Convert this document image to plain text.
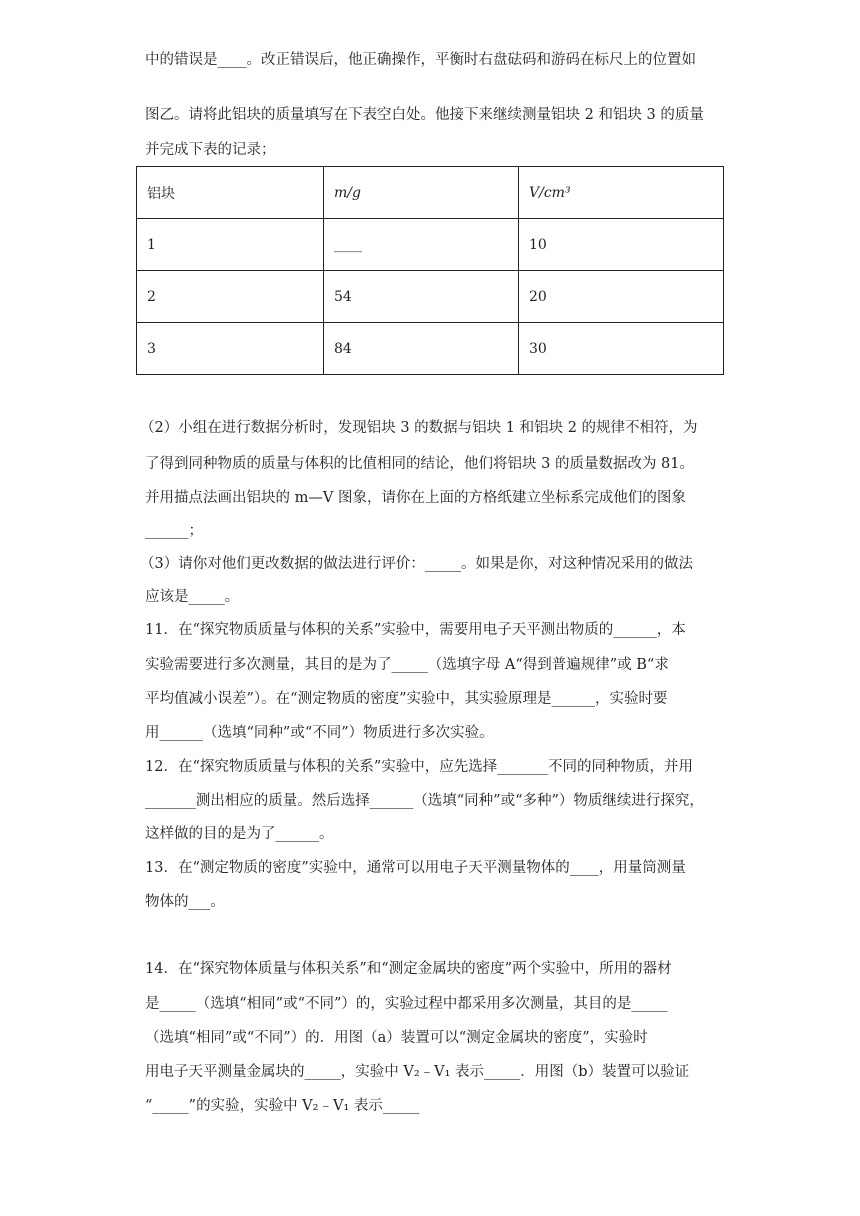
中的错误是____。改正错误后，他正确操作，平衡时右盘砝码和游码在标尺上的位置如

图乙。请将此铝块的质量填写在下表空白处。他接下来继续测量铝块 2 和铝块 3 的质量

并完成下表的记录；

铝块	m/g	V/cm³
1	____	10
2	54	20
3	84	30

（2）小组在进行数据分析时，发现铝块 3 的数据与铝块 1 和铝块 2 的规律不相符，为

了得到同种物质的质量与体积的比值相同的结论，他们将铝块 3 的质量数据改为 81。

并用描点法画出铝块的 m—V 图象，请你在上面的方格纸建立坐标系完成他们的图象

______；

（3）请你对他们更改数据的做法进行评价：_____。如果是你，对这种情况采用的做法

应该是_____。

11．在“探究物质质量与体积的关系”实验中，需要用电子天平测出物质的______，本

实验需要进行多次测量，其目的是为了_____（选填字母 A“得到普遍规律”或 B“求

平均值减小误差”）。在“测定物质的密度”实验中，其实验原理是______，实验时要

用______（选填“同种”或“不同”）物质进行多次实验。

12．在“探究物质质量与体积的关系”实验中，应先选择_______不同的同种物质，并用

_______测出相应的质量。然后选择______（选填“同种”或“多种”）物质继续进行探究，

这样做的目的是为了______。

13．在“测定物质的密度”实验中，通常可以用电子天平测量物体的____，用量筒测量

物体的___。

14．在“探究物体质量与体积关系”和“测定金属块的密度”两个实验中，所用的器材

是_____（选填“相同”或“不同”）的，实验过程中都采用多次测量，其目的是_____

（选填“相同”或“不同”）的．用图（a）装置可以“测定金属块的密度”，实验时

用电子天平测量金属块的_____，实验中 V₂﹣V₁ 表示_____．用图（b）装置可以验证

“_____”的实验，实验中 V₂﹣V₁ 表示_____
